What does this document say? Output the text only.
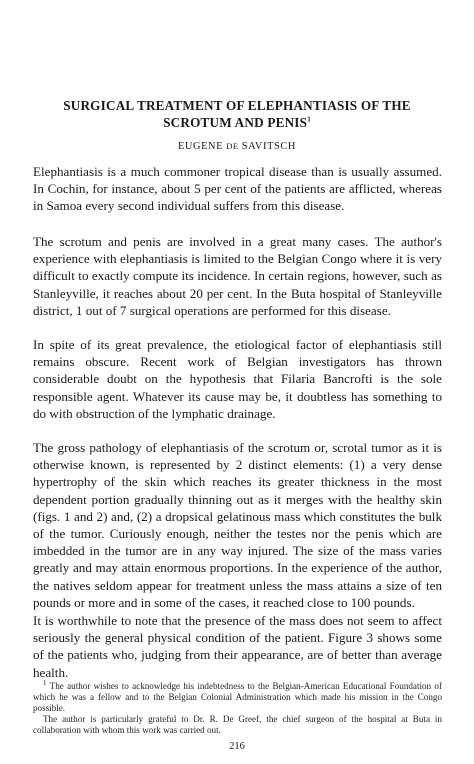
SURGICAL TREATMENT OF ELEPHANTIASIS OF THE
SCROTUM AND PENIS$^1$

EUGENE DE SAVITSCH

Elephantiasis is a much commoner tropical disease than is usually assumed. In Cochin, for instance, about 5 per cent of the patients are afflicted, whereas in Samoa every second individual suffers from this disease.

The scrotum and penis are involved in a great many cases. The author's experience with elephantiasis is limited to the Belgian Congo where it is very difficult to exactly compute its incidence. In certain regions, however, such as Stanleyville, it reaches about 20 per cent. In the Buta hospital of Stanleyville district, 1 out of 7 surgical operations are performed for this disease.

In spite of its great prevalence, the etiological factor of elephantiasis still remains obscure. Recent work of Belgian investigators has thrown considerable doubt on the hypothesis that Filaria Bancrofti is the sole responsible agent. Whatever its cause may be, it doubtless has something to do with obstruction of the lymphatic drainage.

The gross pathology of elephantiasis of the scrotum or, scrotal tumor as it is otherwise known, is represented by 2 distinct elements: (1) a very dense hypertrophy of the skin which reaches its greater thickness in the most dependent portion gradually thinning out as it merges with the healthy skin (figs. 1 and 2) and, (2) a dropsical gelatinous mass which constitutes the bulk of the tumor. Curiously enough, neither the testes nor the penis which are imbedded in the tumor are in any way injured. The size of the mass varies greatly and may attain enormous proportions. In the experience of the author, the natives seldom appear for treatment unless the mass attains a size of ten pounds or more and in some of the cases, it reached close to 100 pounds.

It is worthwhile to note that the presence of the mass does not seem to affect seriously the general physical condition of the patient. Figure 3 shows some of the patients who, judging from their appearance, are of better than average health.

$^1$ The author wishes to acknowledge his indebtedness to the Belgian-American Educational Foundation of which he was a fellow and to the Belgian Colonial Administration which made his mission in the Congo possible.

The author is particularly grateful to Dr. R. De Greef, the chief surgeon of the hospital at Buta in collaboration with whom this work was carried out.

216
